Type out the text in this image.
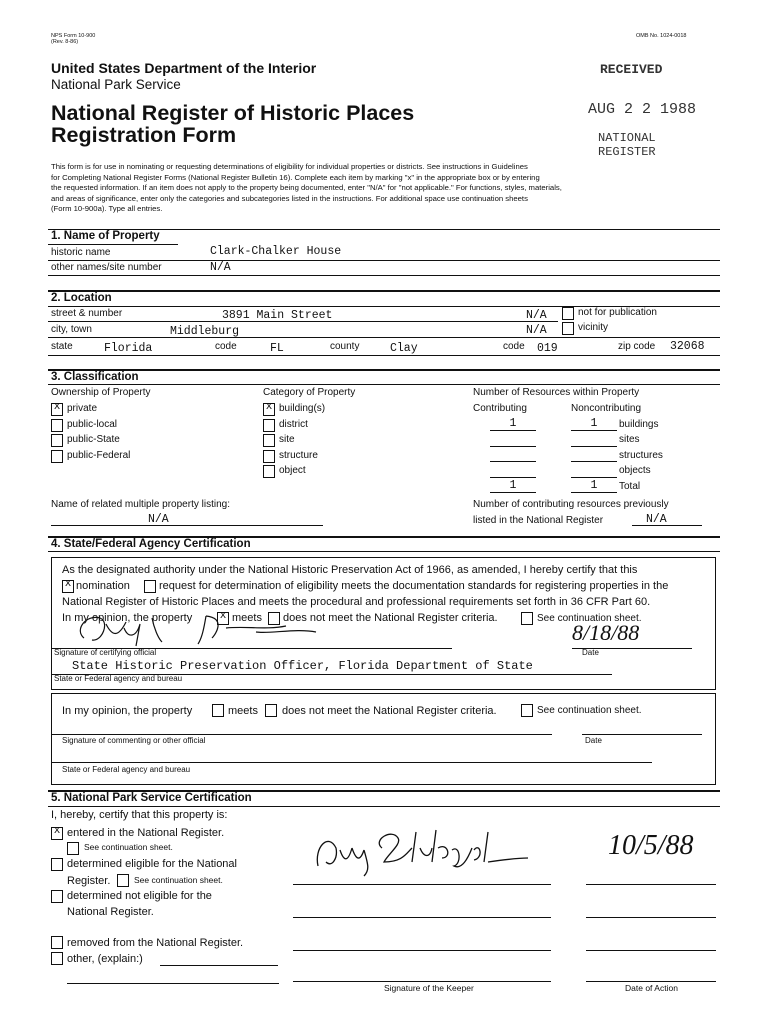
NPS Form 10-900
(Rev. 8-86)
OMB No. 1024-0018
United States Department of the Interior
National Park Service
National Register of Historic Places
Registration Form
RECEIVED
AUG 2 2 1988
NATIONAL
REGISTER
This form is for use in nominating or requesting determinations of eligibility for individual properties or districts. See instructions in Guidelines
for Completing National Register Forms (National Register Bulletin 16). Complete each item by marking "x" in the appropriate box or by entering
the requested information. If an item does not apply to the property being documented, enter "N/A" for "not applicable." For functions, styles, materials,
and areas of significance, enter only the categories and subcategories listed in the instructions. For additional space use continuation sheets
(Form 10-900a). Type all entries.
1. Name of Property
historic name	Clark-Chalker House
other names/site number	N/A
2. Location
street & number	3891 Main Street	N/A	not for publication
city, town	Middleburg	N/A	vicinity
state	Florida	code	FL	county	Clay	code 019	zip code 32068
3. Classification
Ownership of Property
x private
public-local
public-State
public-Federal
Category of Property
x building(s)
district
site
structure
object
Number of Resources within Property
Contributing	Noncontributing
1	1	buildings
sites
structures
objects
1	1	Total
Name of related multiple property listing:
N/A
Number of contributing resources previously
listed in the National Register	N/A
4. State/Federal Agency Certification
As the designated authority under the National Historic Preservation Act of 1966, as amended, I hereby certify that this
x nomination	request for determination of eligibility meets the documentation standards for registering properties in the
National Register of Historic Places and meets the procedural and professional requirements set forth in 36 CFR Part 60.
In my opinion, the property x meets does not meet the National Register criteria.	See continuation sheet.
8/18/88
Signature of certifying official	Date
State Historic Preservation Officer, Florida Department of State
State or Federal agency and bureau
In my opinion, the property	meets does not meet the National Register criteria.	See continuation sheet.
Signature of commenting or other official	Date
State or Federal agency and bureau
5. National Park Service Certification
I, hereby, certify that this property is:
x entered in the National Register.
See continuation sheet.
determined eligible for the National
Register.	See continuation sheet.
determined not eligible for the
National Register.
removed from the National Register.
other, (explain:)
10/5/88
Signature of the Keeper	Date of Action
